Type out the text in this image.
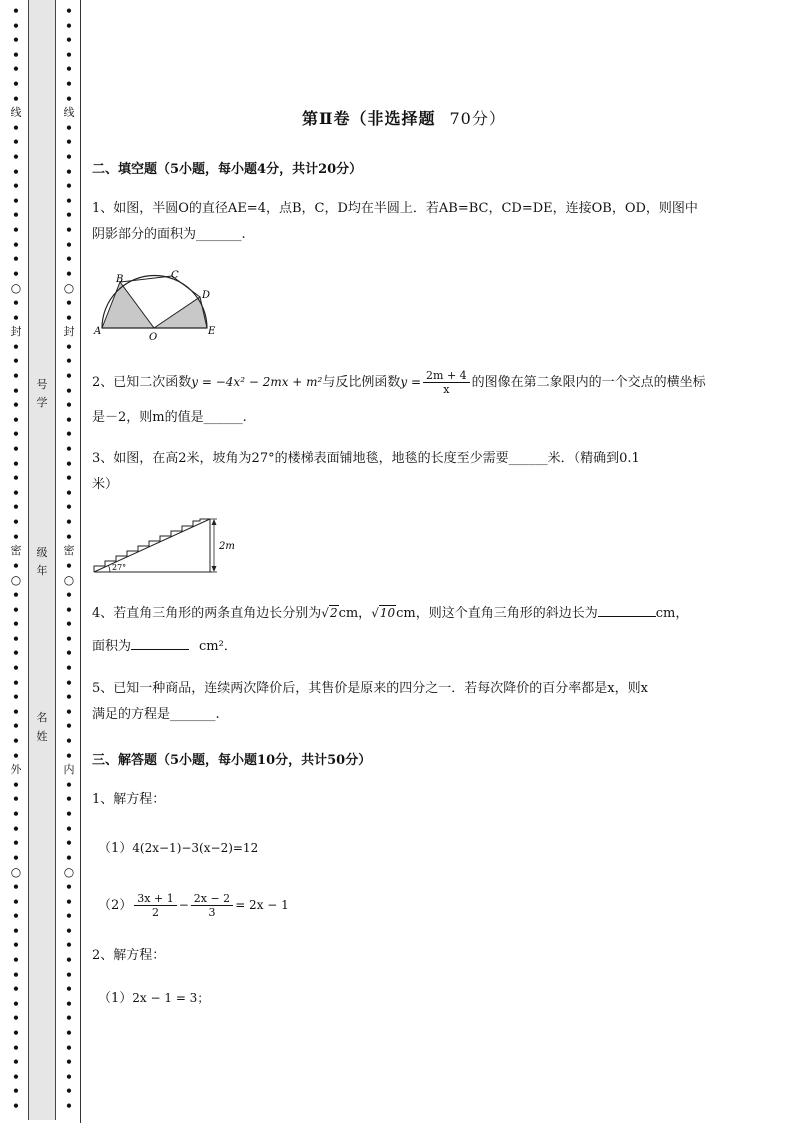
•
•
•
•
•
•
•
线
•
•
•
•
•
•
•
•
•
•
•
○
•
•
封
•
•
•
•
•
•
•
•
•
•
•
•
•
•
密
•
○
•
•
•
•
•
•
•
•
•
•
•
•
外
•
•
•
•
•
•
○
•
•
•
•
•
•
•
•
•
•
•
•
•
•
•
•
•
•
•
•
•
•
•
线
•
•
•
•
•
•
•
•
•
•
•
○
•
•
封
•
•
•
•
•
•
•
•
•
•
•
•
•
•
密
•
○
•
•
•
•
•
•
•
•
•
•
•
•
内
•
•
•
•
•
•
○
•
•
•
•
•
•
•
•
•
•
•
•
•
•
•
•
号
学
级
年
名
姓
第Ⅱ卷（非选择题 70分）
二、填空题（5小题，每小题4分，共计20分）
1、如图，半圆O的直径AE=4，点B，C，D均在半圆上．若AB=BC，CD=DE，连接OB，OD，则图中
阴影部分的面积为_______.
A
B	C
D
E
O
2、已知二次函数y = −4x² − 2mx + m²与反比例函数$y = \frac{2m + 4}{x}$ 的图像在第二象限内的一个交点的横坐标
是－2，则m的值是______.
3、如图，在高2米，坡角为27°的楼梯表面铺地毯，地毯的长度至少需要______米．（精确到0.1
米）
27°
2m
4、若直角三角形的两条直角边长分别为√2cm，√10cm，则这个直角三角形的斜边长为	cm，
面积为	cm²．
5、已知一种商品，连续两次降价后，其售价是原来的四分之一．若每次降价的百分率都是x，则x
满足的方程是_______.
三、解答题（5小题，每小题10分，共计50分）
1、解方程：
（1）4(2x−1)−3(x−2)=12
$(2) \frac{3x + 1}{2} - \frac{2x - 2}{3} = 2x - 1$
2、解方程：
（1）2x − 1 = 3；
